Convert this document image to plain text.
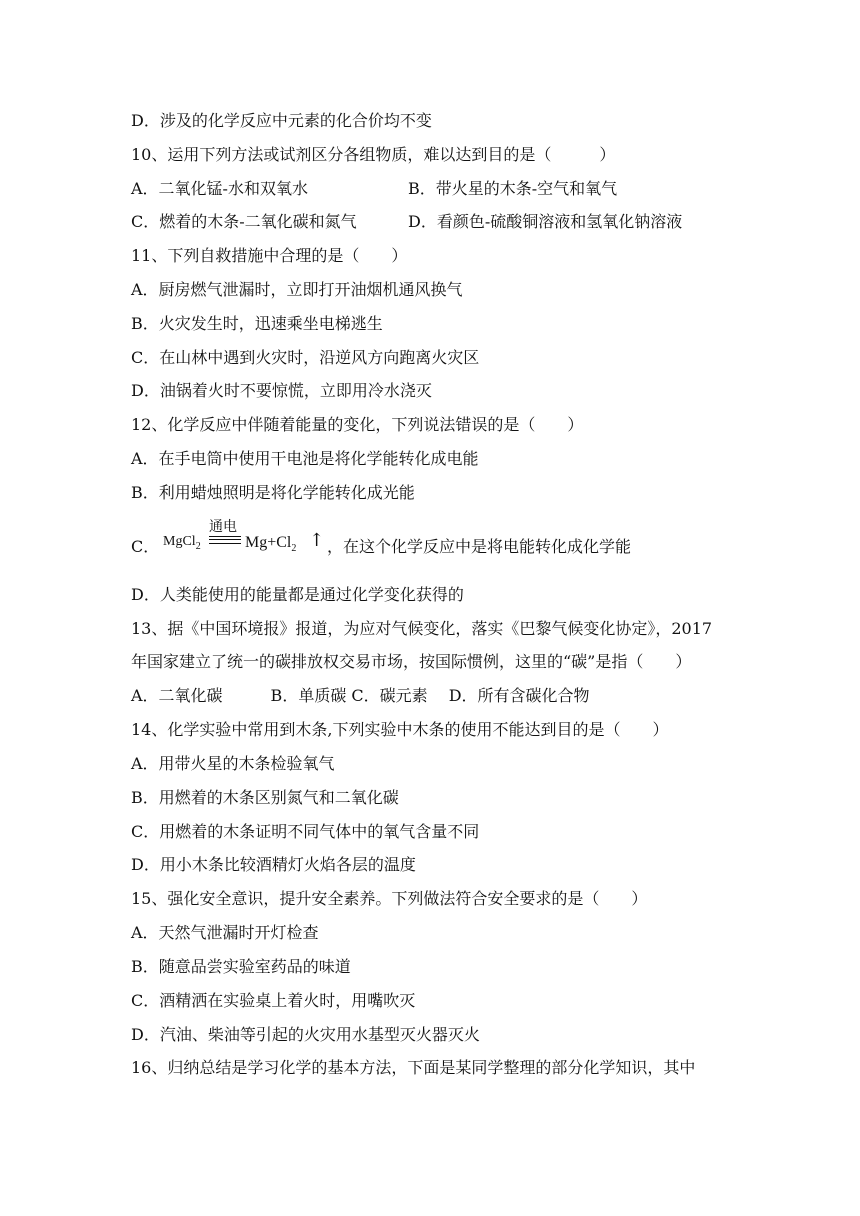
D．涉及的化学反应中元素的化合价均不变
10、运用下列方法或试剂区分各组物质，难以达到目的是（　　　）
A．二氧化锰-水和双氧水	B．带火星的木条-空气和氧气
C．燃着的木条-二氧化碳和氮气	D．看颜色-硫酸铜溶液和氢氧化钠溶液
11、下列自救措施中合理的是（　　）
A．厨房燃气泄漏时，立即打开油烟机通风换气
B．火灾发生时，迅速乘坐电梯逃生
C．在山林中遇到火灾时，沿逆风方向跑离火灾区
D．油锅着火时不要惊慌，立即用冷水浇灭
12、化学反应中伴随着能量的变化，下列说法错误的是（　　）
A．在手电筒中使用干电池是将化学能转化成电能
B．利用蜡烛照明是将化学能转化成光能
C． MgCl$_2$
通电
$Mg+Cl_2$ ↑ ，在这个化学反应中是将电能转化成化学能
D．人类能使用的能量都是通过化学变化获得的
13、据《中国环境报》报道，为应对气候变化，落实《巴黎气候变化协定》，2017
年国家建立了统一的碳排放权交易市场，按国际惯例，这里的“碳”是指（　　）
A．二氧化碳　　　B．单质碳 C．碳元素　 D．所有含碳化合物
14、化学实验中常用到木条,下列实验中木条的使用不能达到目的是（　　）
A．用带火星的木条检验氧气
B．用燃着的木条区别氮气和二氧化碳
C．用燃着的木条证明不同气体中的氧气含量不同
D．用小木条比较酒精灯火焰各层的温度
15、强化安全意识，提升安全素养。下列做法符合安全要求的是（　　）
A．天然气泄漏时开灯检查
B．随意品尝实验室药品的味道
C．酒精洒在实验桌上着火时，用嘴吹灭
D．汽油、柴油等引起的火灾用水基型灭火器灭火
16、归纳总结是学习化学的基本方法，下面是某同学整理的部分化学知识，其中
